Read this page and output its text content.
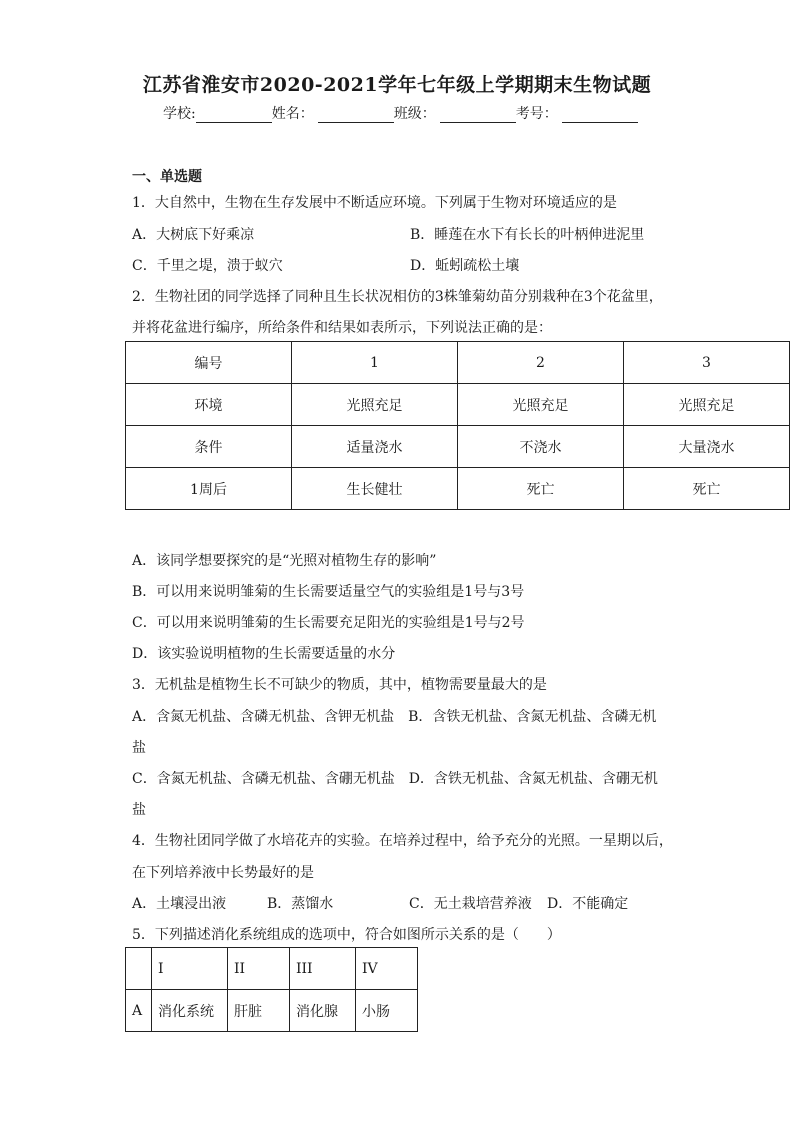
江苏省淮安市2020-2021学年七年级上学期期末生物试题
学校:	姓名：	班级：	考号：
一、单选题
1．大自然中，生物在生存发展中不断适应环境。下列属于生物对环境适应的是
A．大树底下好乘凉	B．睡莲在水下有长长的叶柄伸进泥里
C．千里之堤，溃于蚁穴	D．蚯蚓疏松土壤
2．生物社团的同学选择了同种且生长状况相仿的3株雏菊幼苗分别栽种在3个花盆里，
并将花盆进行编序，所给条件和结果如表所示，下列说法正确的是：
编号	1	2	3
环境	光照充足	光照充足	光照充足
条件	适量浇水	不浇水	大量浇水
1周后	生长健壮	死亡	死亡
A．该同学想要探究的是“光照对植物生存的影响”
B．可以用来说明雏菊的生长需要适量空气的实验组是1号与3号
C．可以用来说明雏菊的生长需要充足阳光的实验组是1号与2号
D．该实验说明植物的生长需要适量的水分
3．无机盐是植物生长不可缺少的物质，其中，植物需要量最大的是
A．含氮无机盐、含磷无机盐、含钾无机盐　B．含铁无机盐、含氮无机盐、含磷无机
盐
C．含氮无机盐、含磷无机盐、含硼无机盐　D．含铁无机盐、含氮无机盐、含硼无机
盐
4．生物社团同学做了水培花卉的实验。在培养过程中，给予充分的光照。一星期以后，
在下列培养液中长势最好的是
A．土壤浸出液	B．蒸馏水	C．无土栽培营养液 D．不能确定
5．下列描述消化系统组成的选项中，符合如图所示关系的是（　　）
	I	II	III	IV
A	消化系统	肝脏	消化腺	小肠
